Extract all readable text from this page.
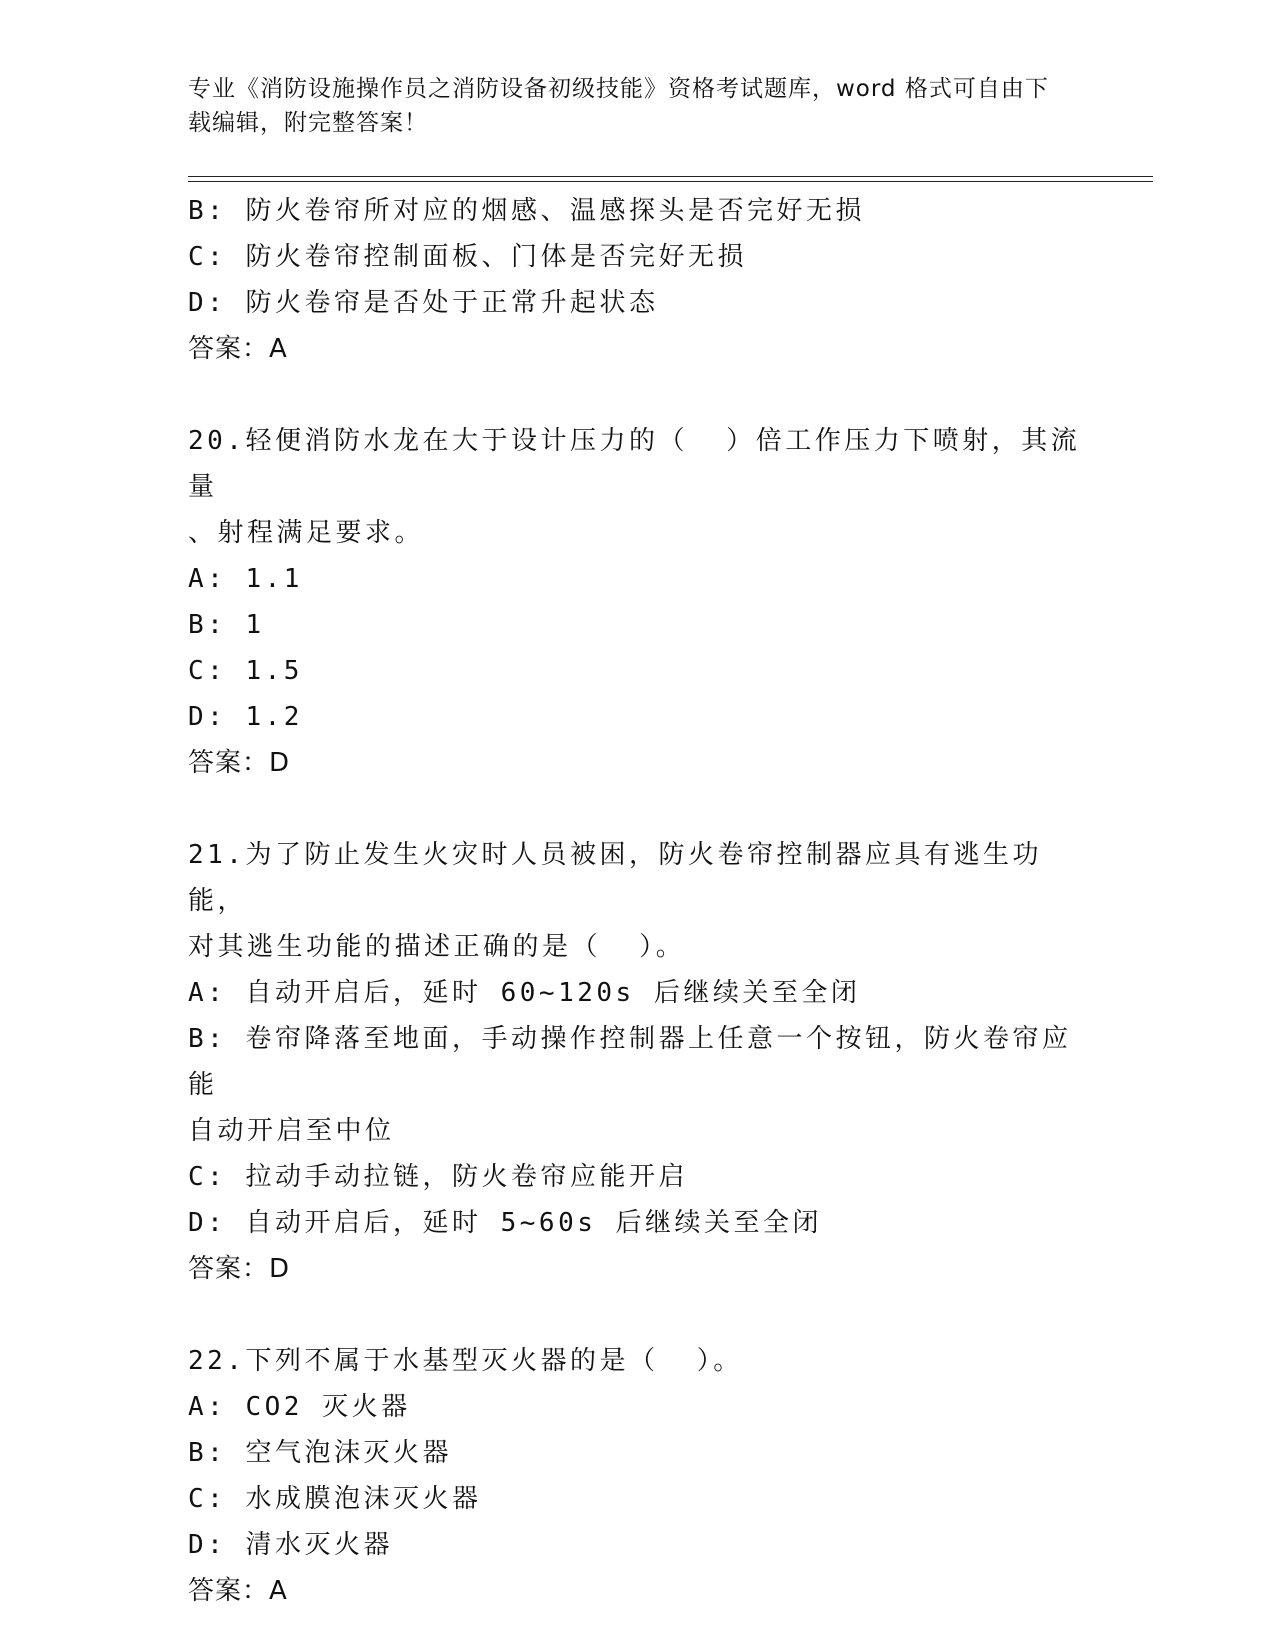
专业《消防设施操作员之消防设备初级技能》资格考试题库，word 格式可自由下
载编辑，附完整答案！

B: 防火卷帘所对应的烟感、温感探头是否完好无损

C: 防火卷帘控制面板、门体是否完好无损

D: 防火卷帘是否处于正常升起状态

答案：A

20.轻便消防水龙在大于设计压力的（  ）倍工作压力下喷射，其流量

、射程满足要求。

A: 1.1

B: 1

C: 1.5

D: 1.2

答案：D

21.为了防止发生火灾时人员被困，防火卷帘控制器应具有逃生功能，

对其逃生功能的描述正确的是（  ）。

A: 自动开启后，延时 60~120s 后继续关至全闭

B: 卷帘降落至地面，手动操作控制器上任意一个按钮，防火卷帘应能

自动开启至中位

C: 拉动手动拉链，防火卷帘应能开启

D: 自动开启后，延时 5~60s 后继续关至全闭

答案：D

22.下列不属于水基型灭火器的是（  ）。

A: CO2 灭火器

B: 空气泡沫灭火器

C: 水成膜泡沫灭火器

D: 清水灭火器

答案：A
